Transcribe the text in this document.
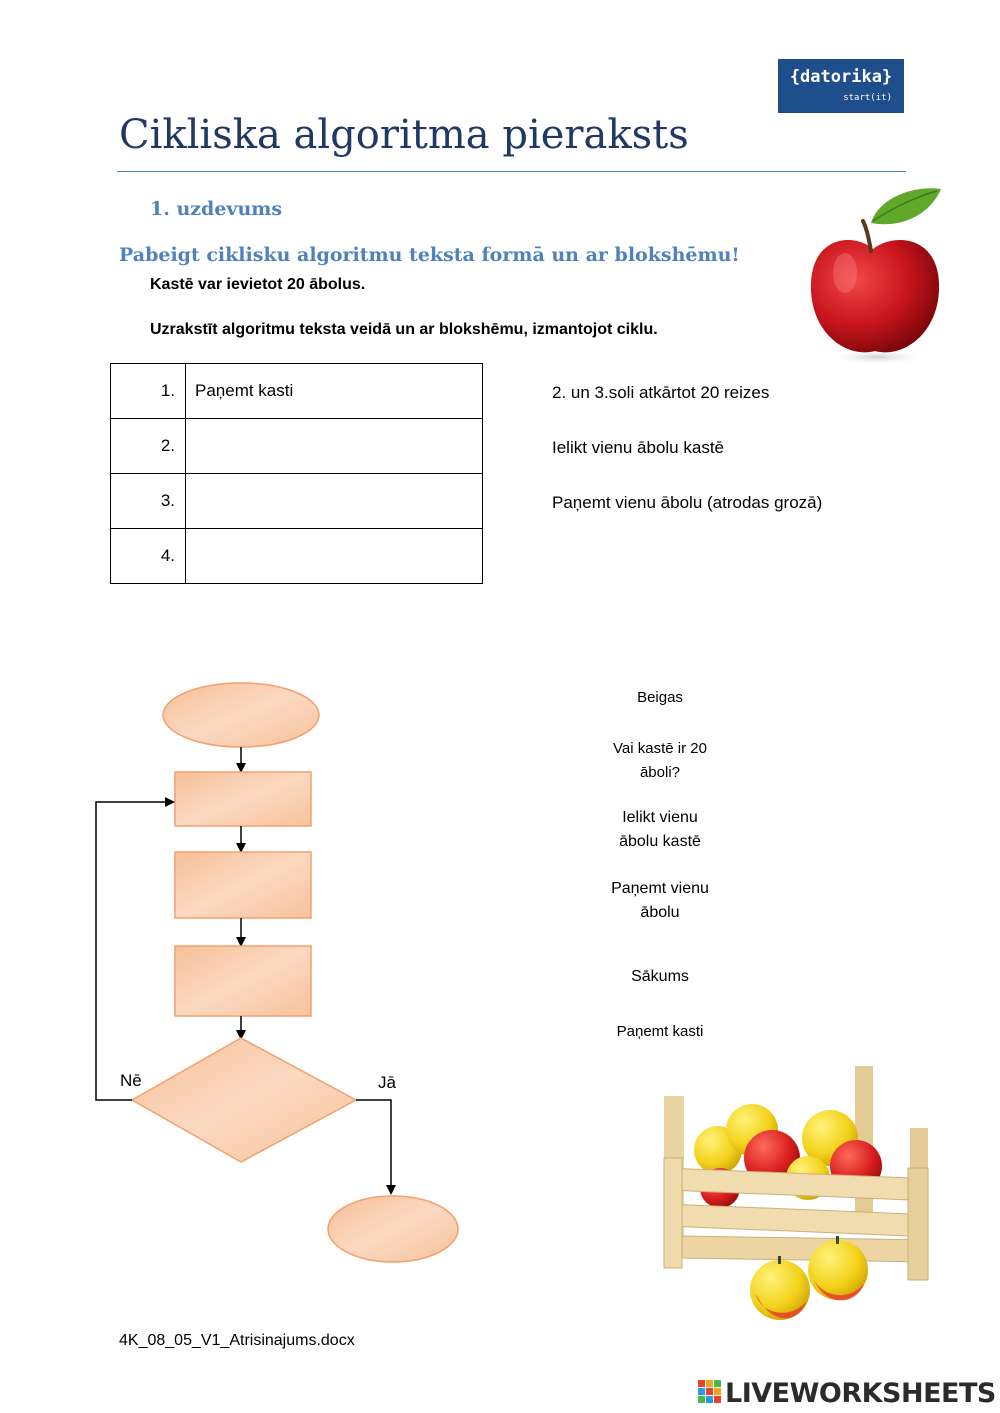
{datorika}
start(it)
Cikliska algoritma pieraksts
1. uzdevums
Pabeigt ciklisku algoritmu teksta formā un ar blokshēmu!
Kastē var ievietot 20 ābolus.
Uzrakstīt algoritmu teksta veidā un ar blokshēmu, izmantojot ciklu.
1.	Paņemt kasti
2.	
3.	
4.	
2. un 3.soli atkārtot 20 reizes
Ielikt vienu ābolu kastē
Paņemt vienu ābolu (atrodas grozā)
Nē	Jā
Beigas
Vai kastē ir 20
āboli?
Ielikt vienu
ābolu kastē
Paņemt vienu
ābolu
Sākums
Paņemt kasti
4K_08_05_V1_Atrisinajums.docx
LIVEWORKSHEETS
